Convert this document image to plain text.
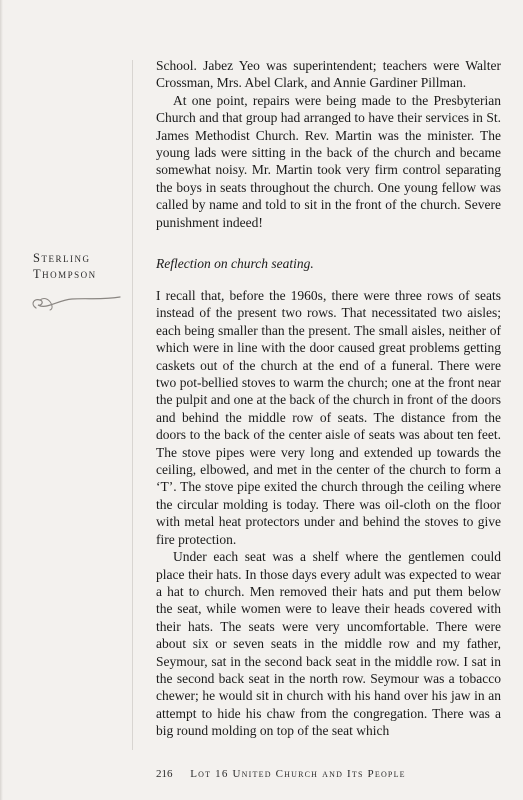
School. Jabez Yeo was superintendent; teachers were Walter Crossman, Mrs. Abel Clark, and Annie Gardiner Pillman.

At one point, repairs were being made to the Presbyterian Church and that group had arranged to have their services in St. James Methodist Church. Rev. Martin was the minister. The young lads were sitting in the back of the church and became somewhat noisy. Mr. Martin took very firm control separating the boys in seats throughout the church. One young fellow was called by name and told to sit in the front of the church. Severe punishment indeed!

Sterling
Thompson

Reflection on church seating.

I recall that, before the 1960s, there were three rows of seats instead of the present two rows. That necessitated two aisles; each being smaller than the present. The small aisles, neither of which were in line with the door caused great problems getting caskets out of the church at the end of a funeral. There were two pot-bellied stoves to warm the church; one at the front near the pulpit and one at the back of the church in front of the doors and behind the middle row of seats. The distance from the doors to the back of the center aisle of seats was about ten feet. The stove pipes were very long and extended up towards the ceiling, elbowed, and met in the center of the church to form a ‘T’. The stove pipe exited the church through the ceiling where the circular molding is today. There was oil-cloth on the floor with metal heat protectors under and behind the stoves to give fire protection.

Under each seat was a shelf where the gentlemen could place their hats. In those days every adult was expected to wear a hat to church. Men removed their hats and put them below the seat, while women were to leave their heads covered with their hats. The seats were very uncomfortable. There were about six or seven seats in the middle row and my father, Seymour, sat in the second back seat in the middle row. I sat in the second back seat in the north row. Seymour was a tobacco chewer; he would sit in church with his hand over his jaw in an attempt to hide his chaw from the congregation. There was a big round molding on top of the seat which

216 Lot 16 United Church and Its People
